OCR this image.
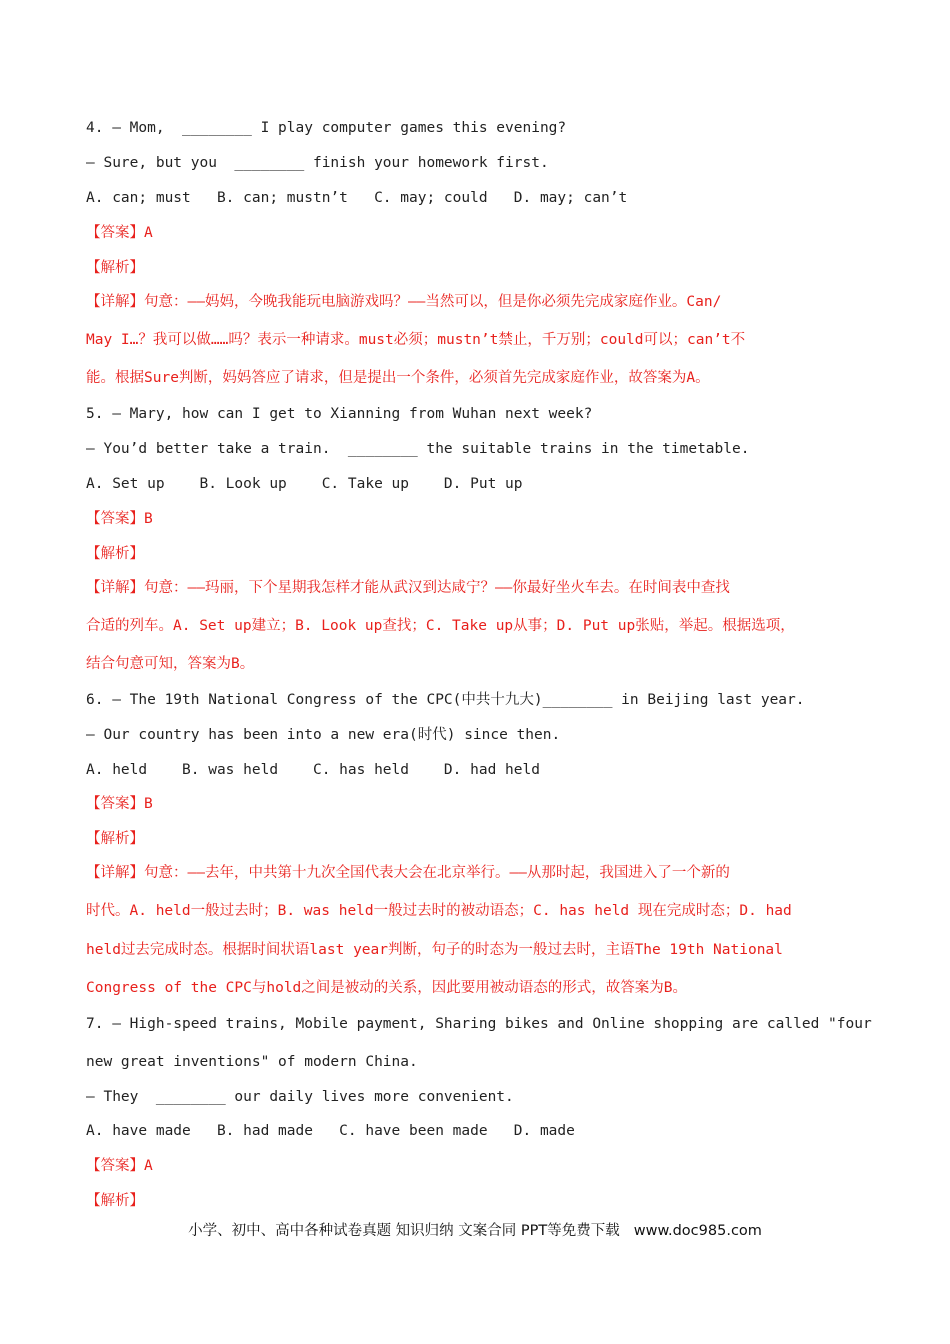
4. — Mom,  ________ I play computer games this evening?
— Sure, but you  ________ finish your homework first.
A. can; must   B. can; mustn’t   C. may; could   D. may; can’t
【答案】A
【解析】
【详解】句意：——妈妈，今晚我能玩电脑游戏吗？——当然可以，但是你必须先完成家庭作业。Can/
May I…？我可以做……吗？表示一种请求。must必须；mustn’t禁止，千万别；could可以；can’t不
能。根据Sure判断，妈妈答应了请求，但是提出一个条件，必须首先完成家庭作业，故答案为A。
5. — Mary, how can I get to Xianning from Wuhan next week?
— You’d better take a train.  ________ the suitable trains in the timetable.
A. Set up    B. Look up    C. Take up    D. Put up
【答案】B
【解析】
【详解】句意：——玛丽，下个星期我怎样才能从武汉到达咸宁？——你最好坐火车去。在时间表中查找
合适的列车。A. Set up建立；B. Look up查找；C. Take up从事；D. Put up张贴，举起。根据选项，
结合句意可知，答案为B。
6. — The 19th National Congress of the CPC(中共十九大)________ in Beijing last year.
— Our country has been into a new era(时代) since then.
A. held    B. was held    C. has held    D. had held
【答案】B
【解析】
【详解】句意：——去年，中共第十九次全国代表大会在北京举行。——从那时起，我国进入了一个新的
时代。A. held一般过去时；B. was held一般过去时的被动语态；C. has held 现在完成时态；D. had
held过去完成时态。根据时间状语last year判断，句子的时态为一般过去时，主语The 19th National
Congress of the CPC与hold之间是被动的关系，因此要用被动语态的形式，故答案为B。
7. — High-speed trains, Mobile payment, Sharing bikes and Online shopping are called "four
new great inventions" of modern China.
— They  ________ our daily lives more convenient.
A. have made   B. had made   C. have been made   D. made
【答案】A
【解析】
小学、初中、高中各种试卷真题 知识归纳 文案合同 PPT等免费下载 www.doc985.com
